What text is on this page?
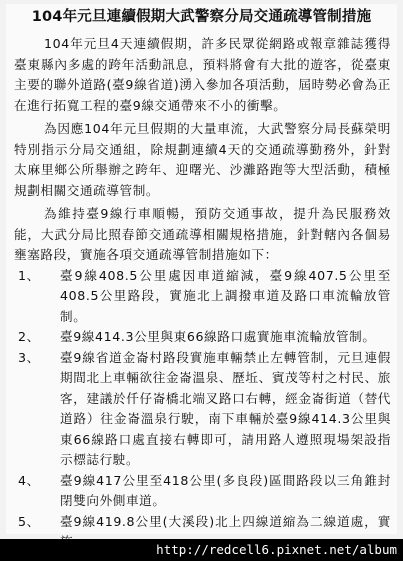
104年元旦連續假期大武警察分局交通疏導管制措施

104年元旦4天連續假期，許多民眾從網路或報章雜誌獲得臺東縣內多處的跨年活動訊息，預料將會有大批的遊客，從臺東主要的聯外道路(臺9線省道)湧入參加各項活動，屆時勢必會為正在進行拓寬工程的臺9線交通帶來不小的衝擊。

為因應104年元旦假期的大量車流，大武警察分局長蘇榮明特別指示分局交通組，除規劃連續4天的交通疏導勤務外，針對太麻里鄉公所舉辦之跨年、迎曙光、沙灘路跑等大型活動，積極規劃相關交通疏導管制。

為維持臺9線行車順暢，預防交通事故，提升為民服務效能，大武分局比照春節交通疏導相關規格措施，針對轄內各個易壅塞路段，實施各項交通疏導管制措施如下：

1、	臺9線408.5公里處因車道縮減，臺9線407.5公里至408.5公里路段，實施北上調撥車道及路口車流輪放管制。
2、	臺9線414.3公里與東66線路口處實施車流輪放管制。
3、	臺9線省道金崙村路段實施車輛禁止左轉管制，元旦連假期間北上車輛欲往金崙溫泉、歷坵、賓茂等村之村民、旅客，建議於仟仔崙橋北端叉路口右轉，經金崙街道（替代道路）往金崙溫泉行駛，南下車輛於臺9線414.3公里與東66線路口處直接右轉即可，請用路人遵照現場架設指示標誌行駛。
4、	臺9線417公里至418公里(多良段)區間路段以三角錐封閉雙向外側車道。
5、	臺9線419.8公里(大溪段)北上四線道縮為二線道處，實
http://redcell6.pixnet.net/album
